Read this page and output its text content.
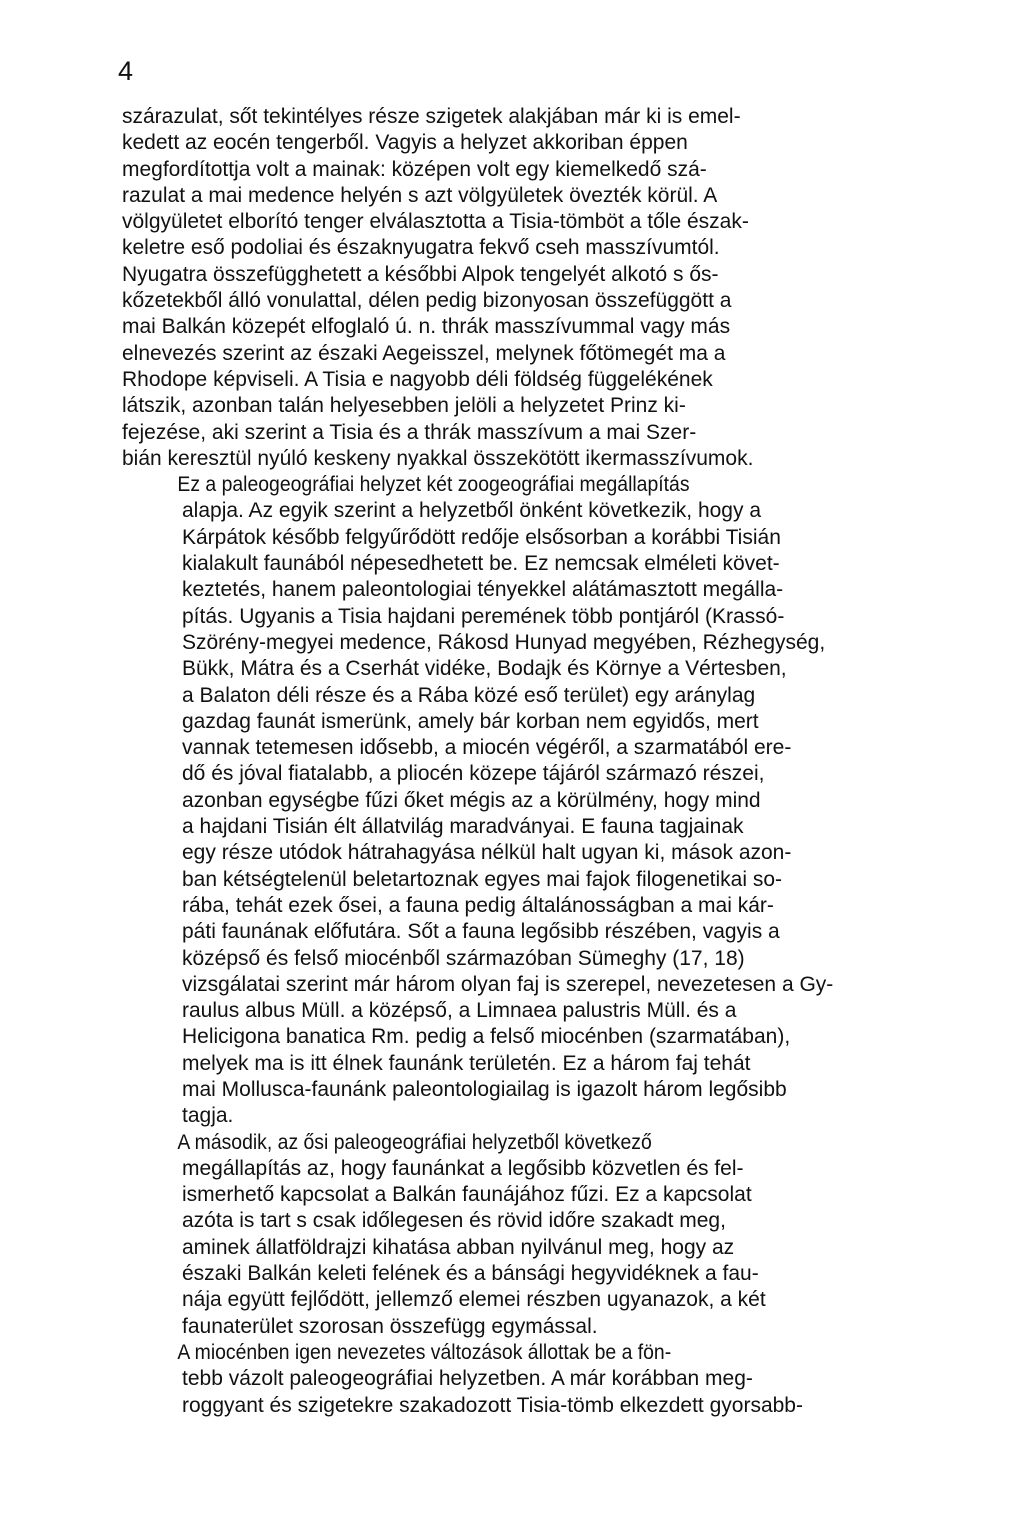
4

szárazulat, sőt tekintélyes része szigetek alakjában már ki is emel-
kedett az eocén tengerből. Vagyis a helyzet akkoriban éppen
megfordítottja volt a mainak: középen volt egy kiemelkedő szá-
razulat a mai medence helyén s azt völgyületek övezték körül. A
völgyületet elborító tenger elválasztotta a Tisia-tömböt a tőle észak-
keletre eső podoliai és északnyugatra fekvő cseh masszívumtól.
Nyugatra összefügghetett a későbbi Alpok tengelyét alkotó s ős-
kőzetekből álló vonulattal, délen pedig bizonyosan összefüggött a
mai Balkán közepét elfoglaló ú. n. thrák masszívummal vagy más
elnevezés szerint az északi Aegeisszel, melynek főtömegét ma a
Rhodope képviseli. A Tisia e nagyobb déli földség függelékének
látszik, azonban talán helyesebben jelöli a helyzetet Prinz ki-
fejezése, aki szerint a Tisia és a thrák masszívum a mai Szer-
bián keresztül nyúló keskeny nyakkal összekötött ikermasszívumok.

Ez a paleogeográfiai helyzet két zoogeográfiai megállapítás
alapja. Az egyik szerint a helyzetből önként következik, hogy a
Kárpátok később felgyűrődött redője elsősorban a korábbi Tisián
kialakult faunából népesedhetett be. Ez nemcsak elméleti követ-
keztetés, hanem paleontologiai tényekkel alátámasztott megálla-
pítás. Ugyanis a Tisia hajdani peremének több pontjáról (Krassó-
Szörény-megyei medence, Rákosd Hunyad megyében, Rézhegység,
Bükk, Mátra és a Cserhát vidéke, Bodajk és Környe a Vértesben,
a Balaton déli része és a Rába közé eső terület) egy aránylag
gazdag faunát ismerünk, amely bár korban nem egyidős, mert
vannak tetemesen idősebb, a miocén végéről, a szarmatából ere-
dő és jóval fiatalabb, a pliocén közepe tájáról származó részei,
azonban egységbe fűzi őket mégis az a körülmény, hogy mind
a hajdani Tisián élt állatvilág maradványai. E fauna tagjainak
egy része utódok hátrahagyása nélkül halt ugyan ki, mások azon-
ban kétségtelenül beletartoznak egyes mai fajok filogenetikai so-
rába, tehát ezek ősei, a fauna pedig általánosságban a mai kár-
páti faunának előfutára. Sőt a fauna legősibb részében, vagyis a
középső és felső miocénből származóban Sümeghy (17, 18)
vizsgálatai szerint már három olyan faj is szerepel, nevezetesen a Gy-
raulus albus Müll. a középső, a Limnaea palustris Müll. és a
Helicigona banatica Rm. pedig a felső miocénben (szarmatában),
melyek ma is itt élnek faunánk területén. Ez a három faj tehát
mai Mollusca-faunánk paleontologiailag is igazolt három legősibb
tagja.

A második, az ősi paleogeográfiai helyzetből következő
megállapítás az, hogy faunánkat a legősibb közvetlen és fel-
ismerhető kapcsolat a Balkán faunájához fűzi. Ez a kapcsolat
azóta is tart s csak időlegesen és rövid időre szakadt meg,
aminek állatföldrajzi kihatása abban nyilvánul meg, hogy az
északi Balkán keleti felének és a bánsági hegyvidéknek a fau-
nája együtt fejlődött, jellemző elemei részben ugyanazok, a két
faunaterület szorosan összefügg egymással.

A miocénben igen nevezetes változások állottak be a fön-
tebb vázolt paleogeográfiai helyzetben. A már korábban meg-
roggyant és szigetekre szakadozott Tisia-tömb elkezdett gyorsabb-
